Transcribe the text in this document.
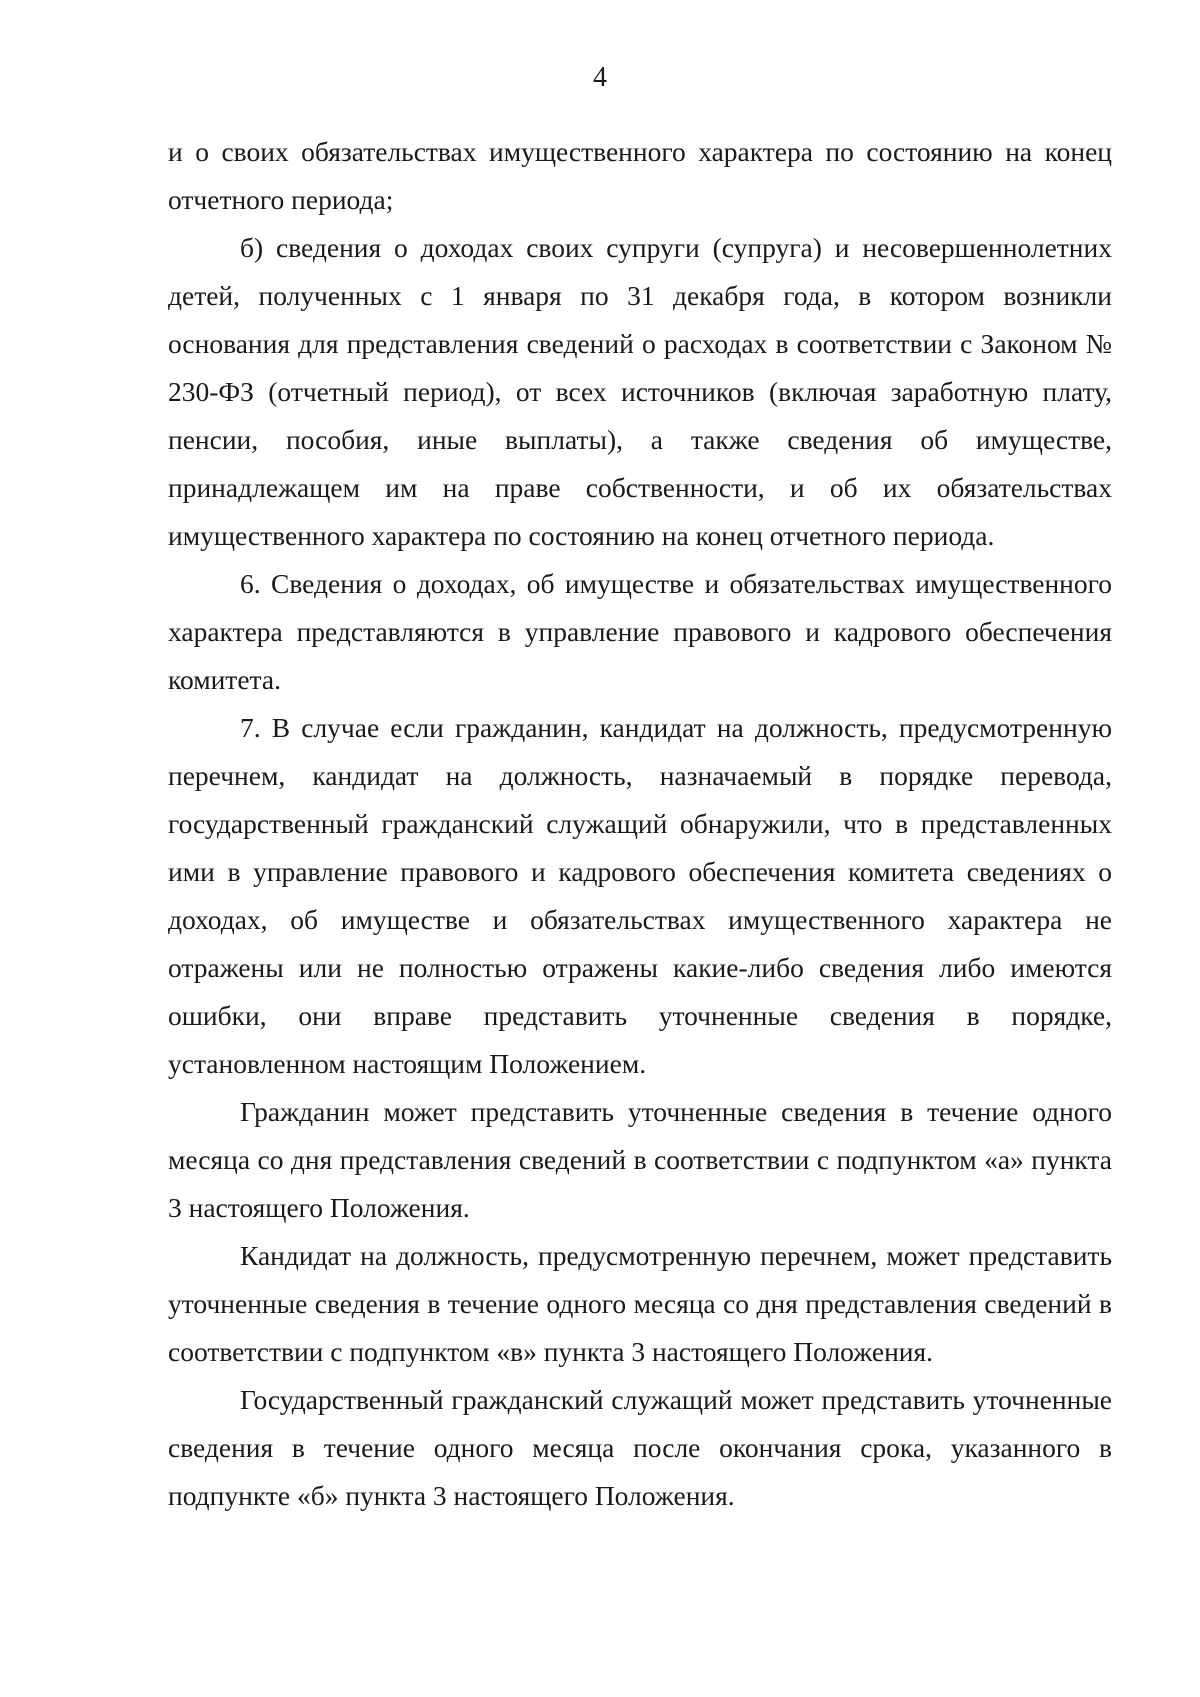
4

и о своих обязательствах имущественного характера по состоянию на конец отчетного периода;

б) сведения о доходах своих супруги (супруга) и несовершеннолетних детей, полученных с 1 января по 31 декабря года, в котором возникли основания для представления сведений о расходах в соответствии с Законом № 230-ФЗ (отчетный период), от всех источников (включая заработную плату, пенсии, пособия, иные выплаты), а также сведения об имуществе, принадлежащем им на праве собственности, и об их обязательствах имущественного характера по состоянию на конец отчетного периода.

6. Сведения о доходах, об имуществе и обязательствах имущественного характера представляются в управление правового и кадрового обеспечения комитета.

7. В случае если гражданин, кандидат на должность, предусмотренную перечнем, кандидат на должность, назначаемый в порядке перевода, государственный гражданский служащий обнаружили, что в представленных ими в управление правового и кадрового обеспечения комитета сведениях о доходах, об имуществе и обязательствах имущественного характера не отражены или не полностью отражены какие-либо сведения либо имеются ошибки, они вправе представить уточненные сведения в порядке, установленном настоящим Положением.

Гражданин может представить уточненные сведения в течение одного месяца со дня представления сведений в соответствии с подпунктом «а» пункта 3 настоящего Положения.

Кандидат на должность, предусмотренную перечнем, может представить уточненные сведения в течение одного месяца со дня представления сведений в соответствии с подпунктом «в» пункта 3 настоящего Положения.

Государственный гражданский служащий может представить уточненные сведения в течение одного месяца после окончания срока, указанного в подпункте «б» пункта 3 настоящего Положения.
